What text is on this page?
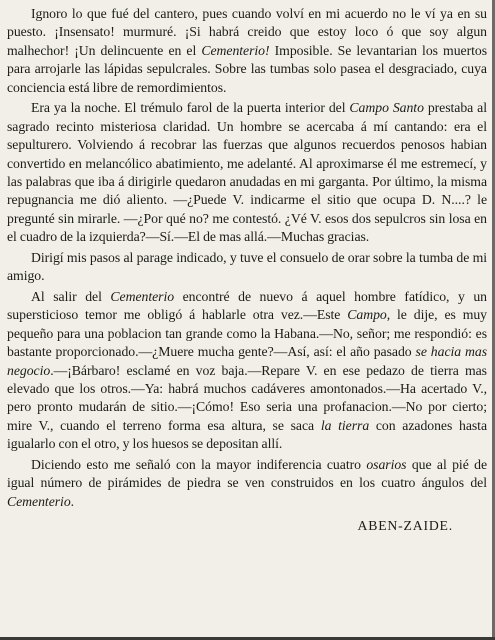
Ignoro lo que fué del cantero, pues cuando volví en mi acuerdo no le ví ya en su puesto. ¡Insensato! murmuré. ¡Si habrá creido que estoy loco ó que soy algun malhechor! ¡Un delincuente en el Cementerio! Imposible. Se levantarian los muertos para arrojarle las lápidas sepulcrales. Sobre las tumbas solo pasea el desgraciado, cuya conciencia está libre de remordimientos.

Era ya la noche. El trémulo farol de la puerta interior del Campo Santo prestaba al sagrado recinto misteriosa claridad. Un hombre se acercaba á mí cantando: era el sepulturero. Volviendo á recobrar las fuerzas que algunos recuerdos penosos habian convertido en melancólico abatimiento, me adelanté. Al aproximarse él me estremecí, y las palabras que iba á dirigirle quedaron anudadas en mi garganta. Por último, la misma repugnancia me dió aliento. —¿Puede V. indicarme el sitio que ocupa D. N....? le pregunté sin mirarle. —¿Por qué no? me contestó. ¿Vé V. esos dos sepulcros sin losa en el cuadro de la izquierda?—Sí.—El de mas allá.—Muchas gracias.

Dirigí mis pasos al parage indicado, y tuve el consuelo de orar sobre la tumba de mi amigo.

Al salir del Cementerio encontré de nuevo á aquel hombre fatídico, y un supersticioso temor me obligó á hablarle otra vez.—Este Campo, le dije, es muy pequeño para una poblacion tan grande como la Habana.—No, señor; me respondió: es bastante proporcionado.—¿Muere mucha gente?—Así, así: el año pasado se hacia mas negocio.—¡Bárbaro! esclamé en voz baja.—Repare V. en ese pedazo de tierra mas elevado que los otros.—Ya: habrá muchos cadáveres amontonados.—Ha acertado V., pero pronto mudarán de sitio.—¡Cómo! Eso seria una profanacion.—No por cierto; mire V., cuando el terreno forma esa altura, se saca la tierra con azadones hasta igualarlo con el otro, y los huesos se depositan allí.

Diciendo esto me señaló con la mayor indiferencia cuatro osarios que al pié de igual número de pirámides de piedra se ven construidos en los cuatro ángulos del Cementerio.

ABEN-ZAIDE.
